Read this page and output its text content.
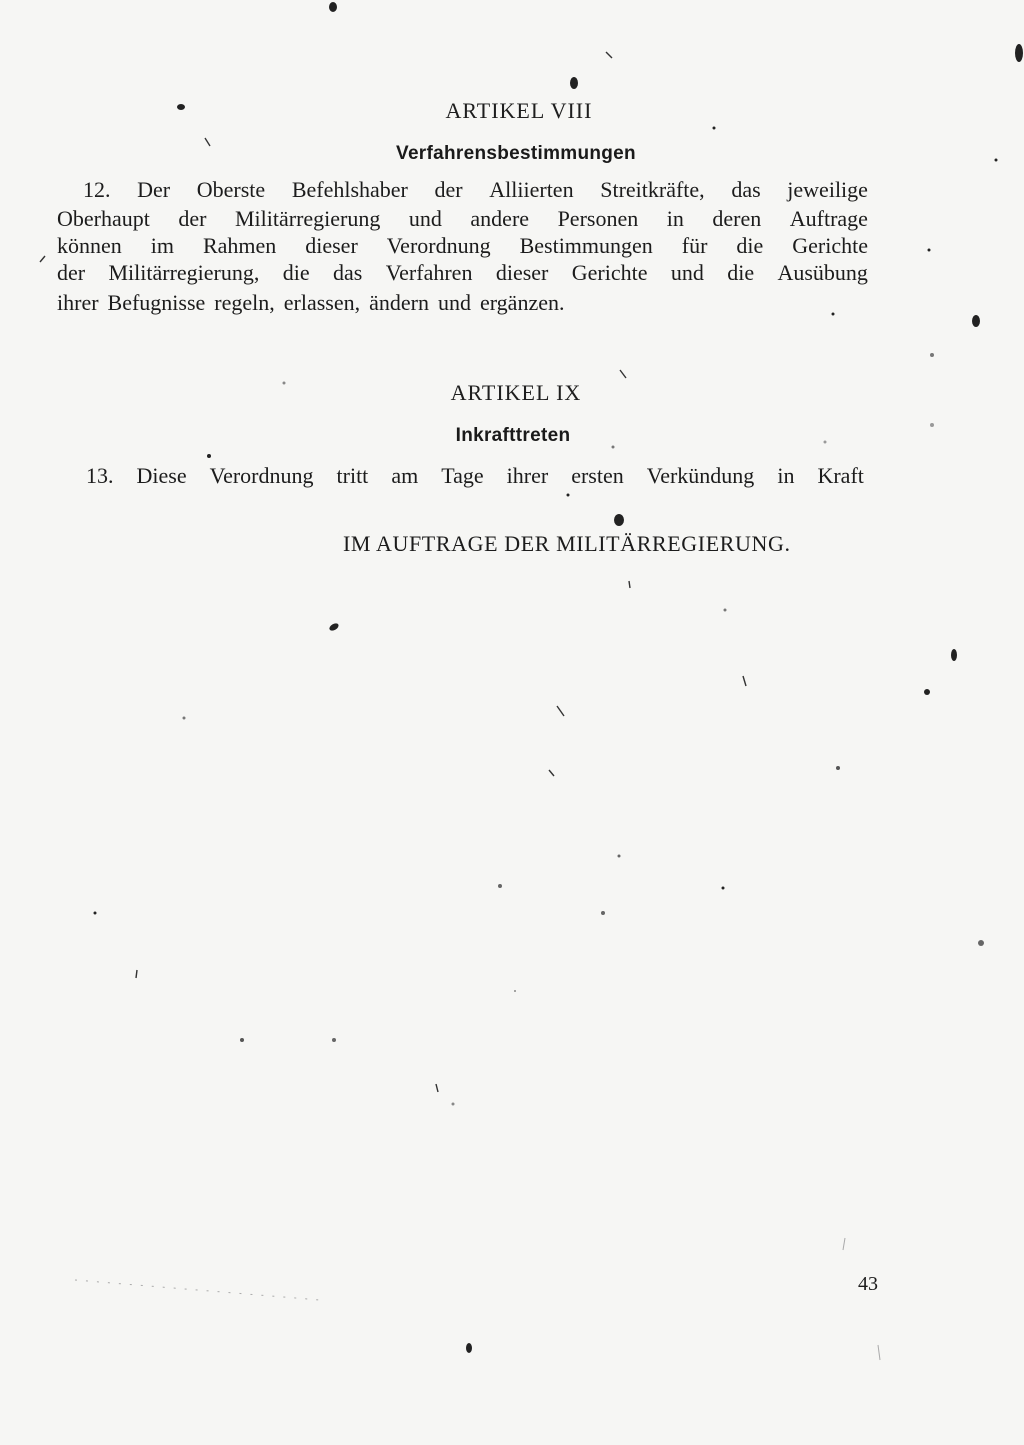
ARTIKEL VIII
Verfahrensbestimmungen
12. Der Oberste Befehlshaber der Alliierten Streitkräfte, das jeweilige
Oberhaupt der Militärregierung und andere Personen in deren Auftrage
können im Rahmen dieser Verordnung Bestimmungen für die Gerichte
der Militärregierung, die das Verfahren dieser Gerichte und die Ausübung
ihrer Befugnisse regeln, erlassen, ändern und ergänzen.
ARTIKEL IX
Inkrafttreten
13. Diese Verordnung tritt am Tage ihrer ersten Verkündung in Kraft
IM AUFTRAGE DER MILITÄRREGIERUNG.
43
